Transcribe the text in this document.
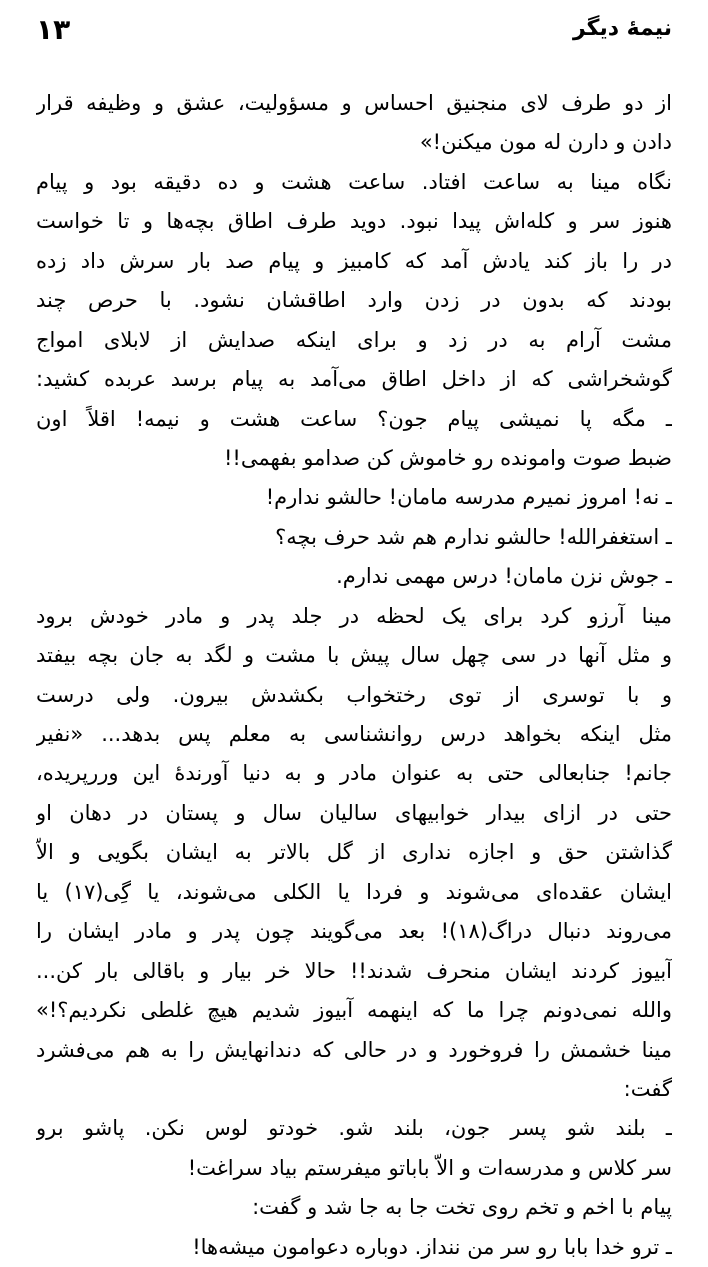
۱۳	نیمهٔ دیگر
از دو طرف لای منجنیق احساس و مسؤولیت، عشق و وظیفه قرار
دادن و دارن له مون میکنن!»
نگاه مینا به ساعت افتاد. ساعت هشت و ده دقیقه بود و پیام
هنوز سر و کله‌اش پیدا نبود. دوید طرف اطاق بچه‌ها و تا خواست
در را باز کند یادش آمد که کامبیز و پیام صد بار سرش داد زده
بودند که بدون در زدن وارد اطاقشان نشود. با حرص چند
مشت آرام به در زد و برای اینکه صدایش از لابلای امواج
گوشخراشی که از داخل اطاق می‌آمد به پیام برسد عربده کشید:
ـ مگه پا نمیشی پیام جون؟ ساعت هشت و نیمه! اقلاً اون
ضبط صوت وامونده رو خاموش کن صدامو بفهمی!!
ـ نه! امروز نمیرم مدرسه مامان! حالشو ندارم!
ـ استغفرالله! حالشو ندارم هم شد حرف بچه؟
ـ جوش نزن مامان! درس مهمی ندارم.
مینا آرزو کرد برای یک لحظه در جلد پدر و مادر خودش برود
و مثل آنها در سی چهل سال پیش با مشت و لگد به جان بچه بیفتد
و با توسری از توی رختخواب بکشدش بیرون. ولی درست
مثل اینکه بخواهد درس روانشناسی به معلم پس بدهد... «نفیر
جانم! جنابعالی حتی به عنوان مادر و به دنیا آورندهٔ این وررپریده،
حتی در ازای بیدار خوابیهای سالیان سال و پستان در دهان او
گذاشتن حق و اجازه نداری از گل بالاتر به ایشان بگویی و الاّ
ایشان عقده‌ای می‌شوند و فردا یا الکلی می‌شوند، یا گِی(۱۷) یا
می‌روند دنبال دراگ(۱۸)! بعد می‌گویند چون پدر و مادر ایشان را
آبیوز کردند ایشان منحرف شدند!! حالا خر بیار و باقالی بار کن...
والله نمی‌دونم چرا ما که اینهمه آبیوز شدیم هیچ غلطی نکردیم؟!»
مینا خشمش را فروخورد و در حالی که دندانهایش را به هم می‌فشرد
گفت:
ـ بلند شو پسر جون، بلند شو. خودتو لوس نکن. پاشو برو
سر کلاس و مدرسه‌ات و الاّ باباتو میفرستم بیاد سراغت!
پیام با اخم و تخم روی تخت جا به جا شد و گفت:
ـ ترو خدا بابا رو سر من ننداز. دوباره دعوامون میشه‌ها!
